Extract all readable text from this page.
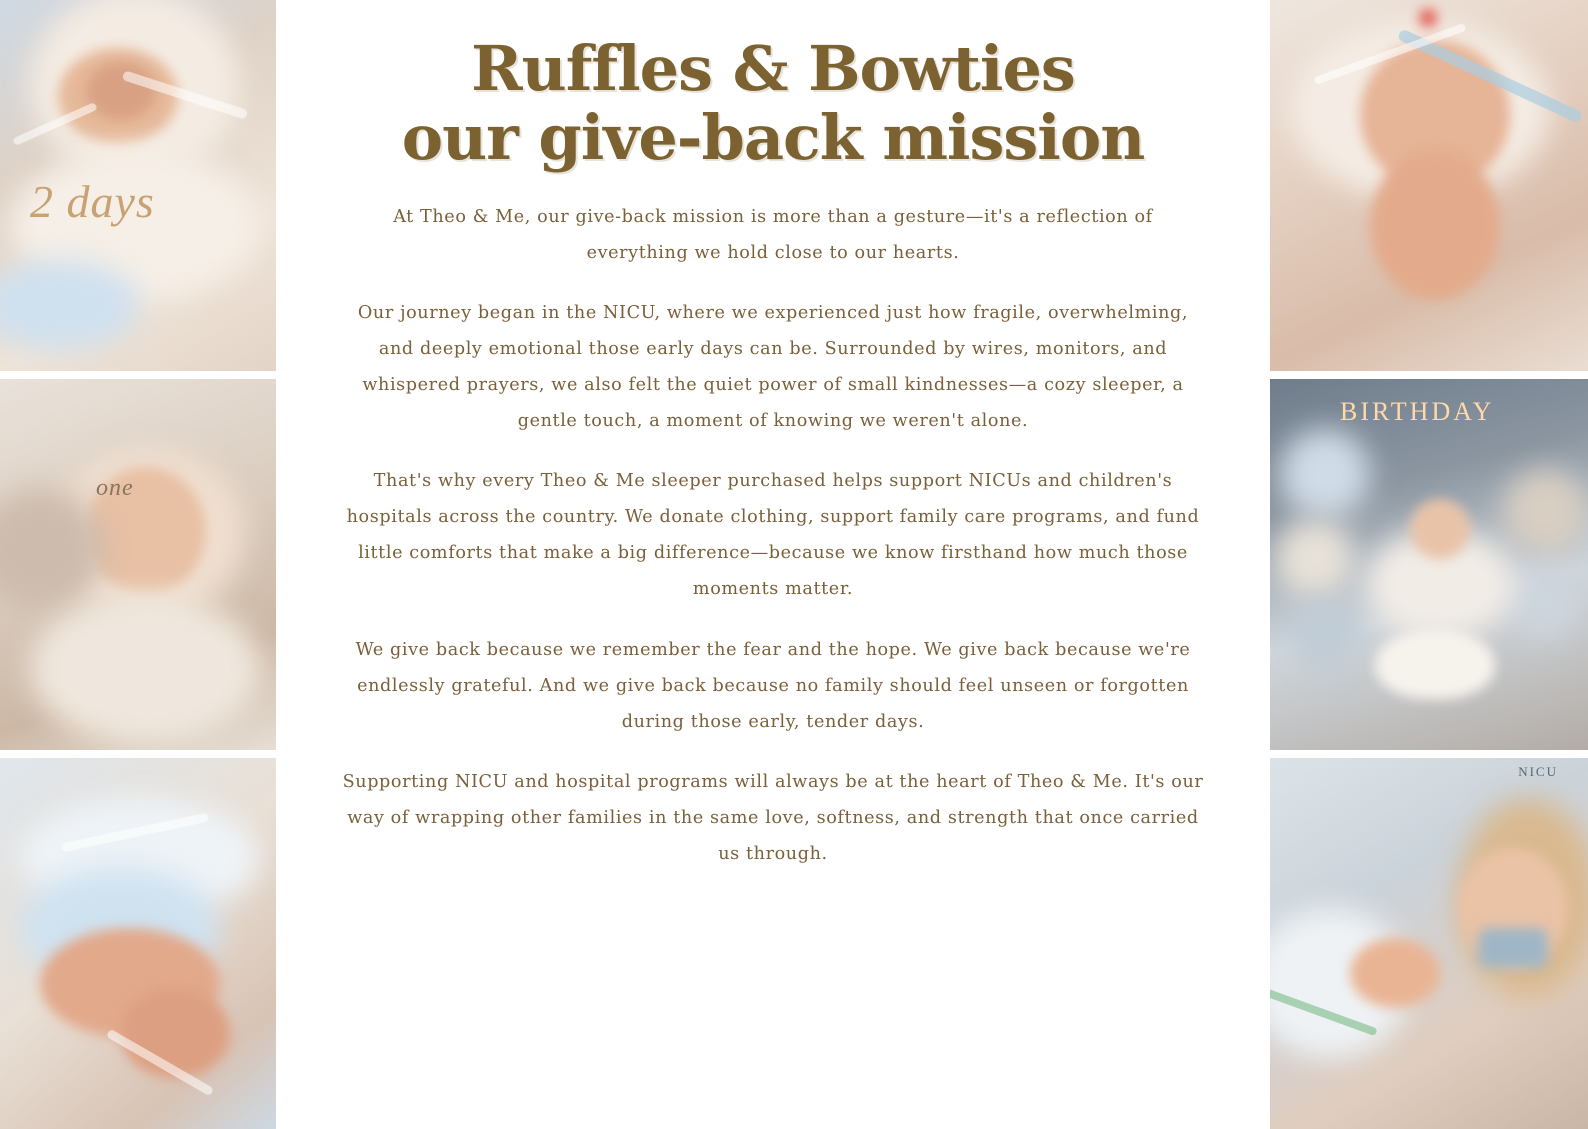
2 days
one
Ruffles & Bowties
our give-back mission

At Theo & Me, our give-back mission is more than a gesture—it's a reflection of everything we hold close to our hearts.

Our journey began in the NICU, where we experienced just how fragile, overwhelming, and deeply emotional those early days can be. Surrounded by wires, monitors, and whispered prayers, we also felt the quiet power of small kindnesses—a cozy sleeper, a gentle touch, a moment of knowing we weren't alone.

That's why every Theo & Me sleeper purchased helps support NICUs and children's hospitals across the country. We donate clothing, support family care programs, and fund little comforts that make a big difference—because we know firsthand how much those moments matter.

We give back because we remember the fear and the hope. We give back because we're endlessly grateful. And we give back because no family should feel unseen or forgotten during those early, tender days.

Supporting NICU and hospital programs will always be at the heart of Theo & Me. It's our way of wrapping other families in the same love, softness, and strength that once carried us through.

BIRTHDAY
NICU
